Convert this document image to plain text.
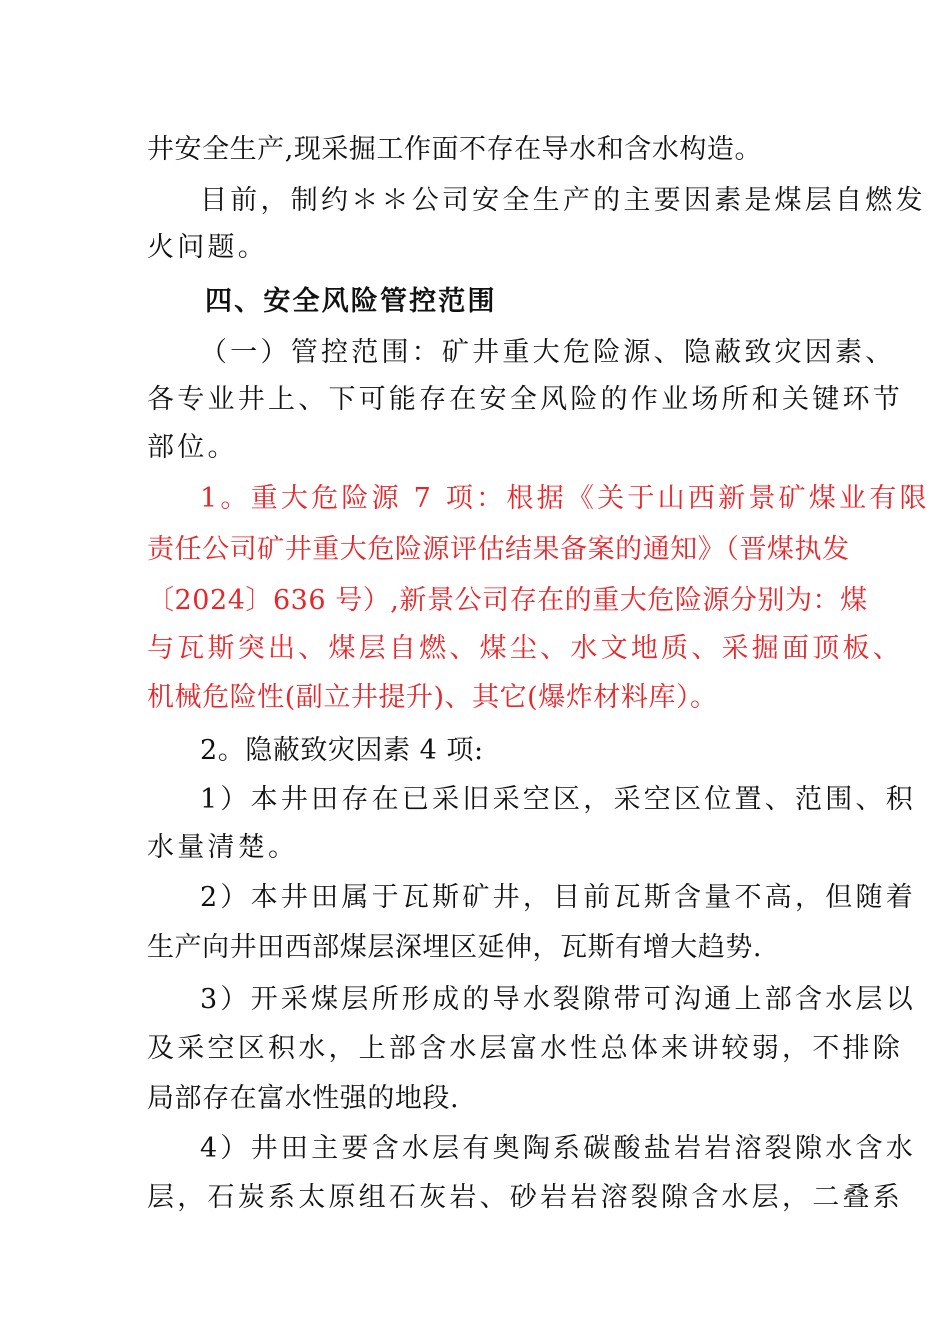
井安全生产,现采掘工作面不存在导水和含水构造。
目前，制约＊＊公司安全生产的主要因素是煤层自燃发
火问题。
四、安全风险管控范围
（一）管控范围：矿井重大危险源、隐蔽致灾因素、
各专业井上、下可能存在安全风险的作业场所和关键环节
部位。
1。重大危险源 7 项：根据《关于山西新景矿煤业有限
责任公司矿井重大危险源评估结果备案的通知》（晋煤执发
〔2024〕636 号）,新景公司存在的重大危险源分别为：煤
与瓦斯突出、煤层自燃、煤尘、水文地质、采掘面顶板、
机械危险性(副立井提升)、其它(爆炸材料库）。
2。隐蔽致灾因素 4 项:
1）本井田存在已采旧采空区，采空区位置、范围、积
水量清楚。
2）本井田属于瓦斯矿井，目前瓦斯含量不高，但随着
生产向井田西部煤层深埋区延伸，瓦斯有增大趋势.
3）开采煤层所形成的导水裂隙带可沟通上部含水层以
及采空区积水，上部含水层富水性总体来讲较弱，不排除
局部存在富水性强的地段.
4）井田主要含水层有奥陶系碳酸盐岩岩溶裂隙水含水
层，石炭系太原组石灰岩、砂岩岩溶裂隙含水层，二叠系
